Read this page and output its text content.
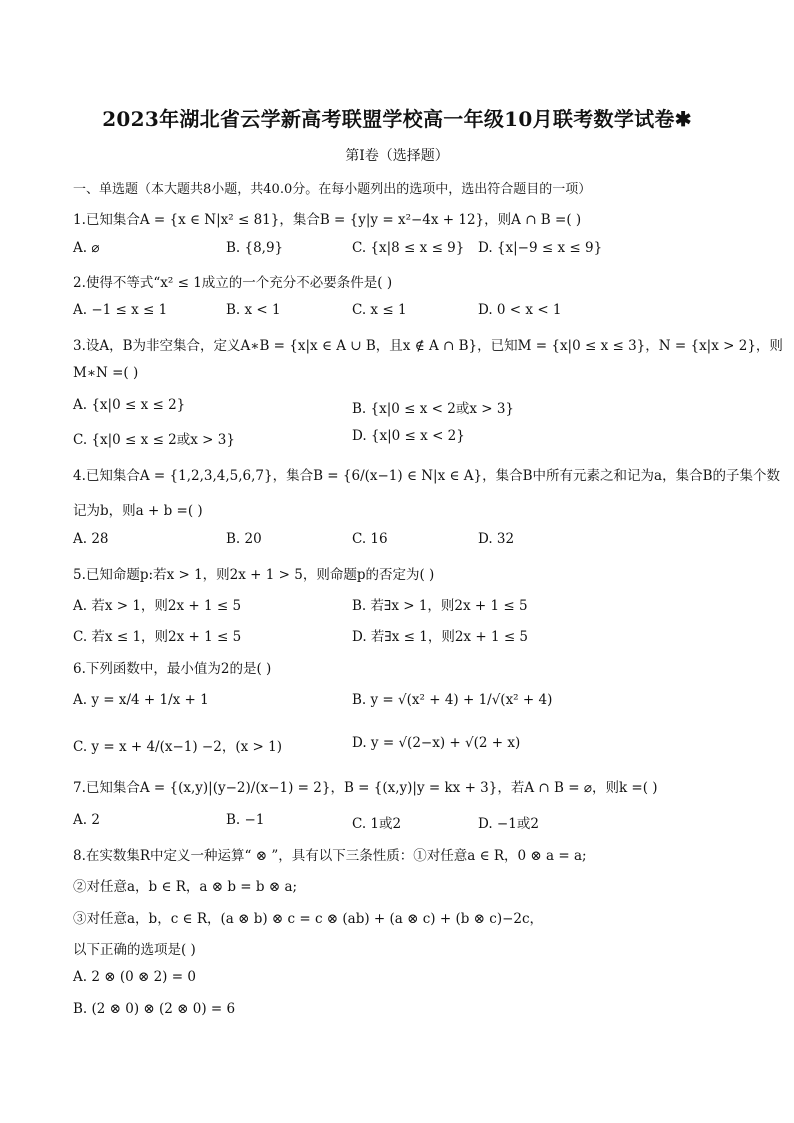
2023年湖北省云学新高考联盟学校高一年级10月联考数学试卷✱
第Ⅰ卷（选择题）
一、单选题（本大题共8小题，共40.0分。在每小题列出的选项中，选出符合题目的一项）
1.已知集合A = {x ∈ N|x² ≤ 81}，集合B = {y|y = x²−4x + 12}，则A ∩ B =( )
A. ⌀	B. {8,9}	C. {x|8 ≤ x ≤ 9} D. {x|−9 ≤ x ≤ 9}
2.使得不等式“x² ≤ 1成立的一个充分不必要条件是( )
A. −1 ≤ x ≤ 1	B. x < 1	C. x ≤ 1	D. 0 < x < 1
3.设A，B为非空集合，定义A∗B = {x|x ∈ A ∪ B，且x ∉ A ∩ B}，已知M = {x|0 ≤ x ≤ 3}，N = {x|x > 2}，则
M∗N =( )
A. {x|0 ≤ x ≤ 2}	B. {x|0 ≤ x < 2或x > 3}
C. {x|0 ≤ x ≤ 2或x > 3}	D. {x|0 ≤ x < 2}
4.已知集合A = {1,2,3,4,5,6,7}，集合B = {6/(x−1) ∈ N|x ∈ A}，集合B中所有元素之和记为a，集合B的子集个数
记为b，则a + b =( )
A. 28	B. 20	C. 16	D. 32
5.已知命题p:若x > 1，则2x + 1 > 5，则命题p的否定为( )
A. 若x > 1，则2x + 1 ≤ 5	B. 若∃x > 1，则2x + 1 ≤ 5
C. 若x ≤ 1，则2x + 1 ≤ 5	D. 若∃x ≤ 1，则2x + 1 ≤ 5
6.下列函数中，最小值为2的是( )
A. y = x/4 + 1/x + 1	B. y = √(x² + 4) + 1/√(x² + 4)
C. y = x + 4/(x−1) −2，(x > 1)	D. y = √(2−x) + √(2 + x)
7.已知集合A = {(x,y)|(y−2)/(x−1) = 2}，B = {(x,y)|y = kx + 3}，若A ∩ B = ⌀，则k =( )
A. 2	B. −1	C. 1或2	D. −1或2
8.在实数集R中定义一种运算“ ⊗ ”，具有以下三条性质：①对任意a ∈ R，0 ⊗ a = a;
②对任意a，b ∈ R，a ⊗ b = b ⊗ a;
③对任意a，b，c ∈ R，(a ⊗ b) ⊗ c = c ⊗ (ab) + (a ⊗ c) + (b ⊗ c)−2c，
以下正确的选项是( )
A. 2 ⊗ (0 ⊗ 2) = 0
B. (2 ⊗ 0) ⊗ (2 ⊗ 0) = 6
